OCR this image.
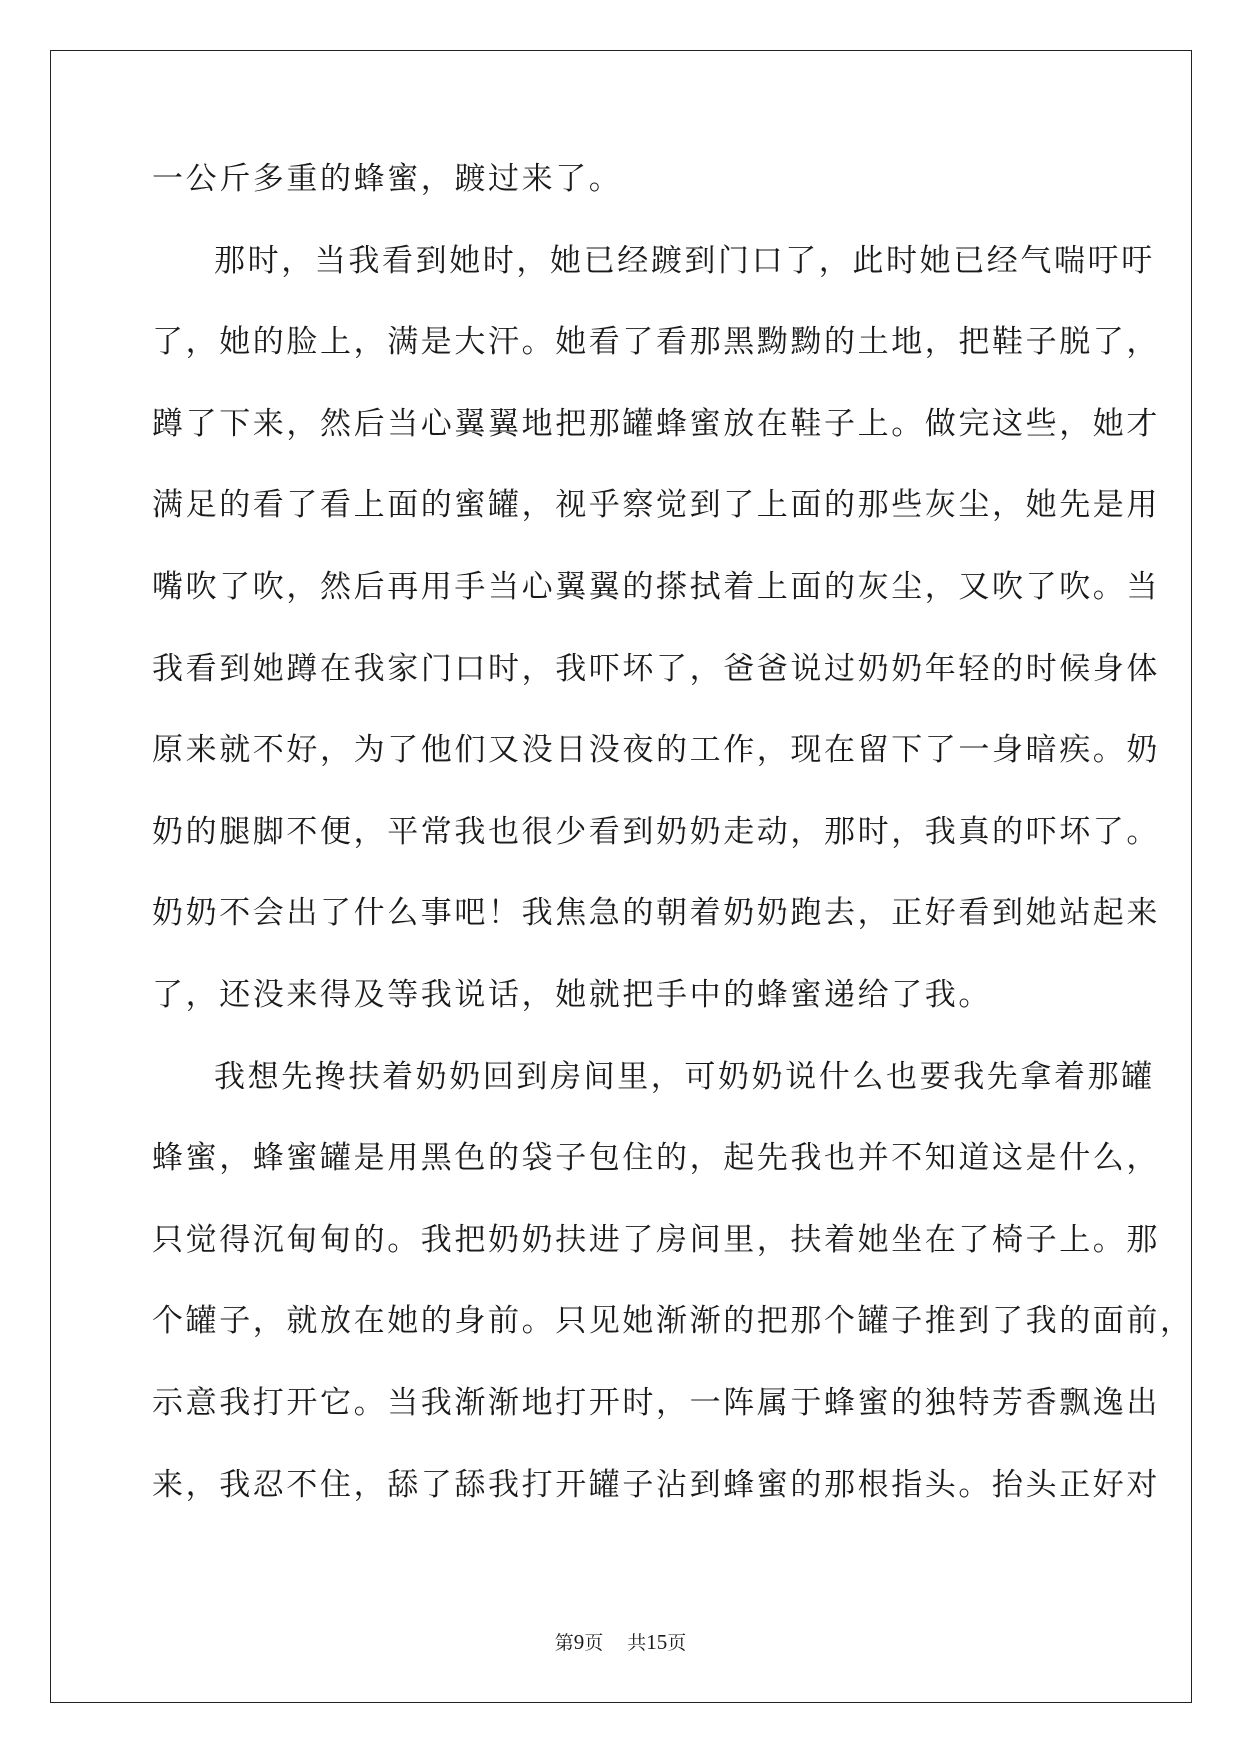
一公斤多重的蜂蜜，踱过来了。
那时，当我看到她时，她已经踱到门口了，此时她已经气喘吁吁
了，她的脸上，满是大汗。她看了看那黑黝黝的土地，把鞋子脱了，
蹲了下来，然后当心翼翼地把那罐蜂蜜放在鞋子上。做完这些，她才
满足的看了看上面的蜜罐，视乎察觉到了上面的那些灰尘，她先是用
嘴吹了吹，然后再用手当心翼翼的搽拭着上面的灰尘，又吹了吹。当
我看到她蹲在我家门口时，我吓坏了，爸爸说过奶奶年轻的时候身体
原来就不好，为了他们又没日没夜的工作，现在留下了一身暗疾。奶
奶的腿脚不便，平常我也很少看到奶奶走动，那时，我真的吓坏了。
奶奶不会出了什么事吧！我焦急的朝着奶奶跑去，正好看到她站起来
了，还没来得及等我说话，她就把手中的蜂蜜递给了我。
我想先搀扶着奶奶回到房间里，可奶奶说什么也要我先拿着那罐
蜂蜜，蜂蜜罐是用黑色的袋子包住的，起先我也并不知道这是什么，
只觉得沉甸甸的。我把奶奶扶进了房间里，扶着她坐在了椅子上。那
个罐子，就放在她的身前。只见她渐渐的把那个罐子推到了我的面前，
示意我打开它。当我渐渐地打开时，一阵属于蜂蜜的独特芳香飘逸出
来，我忍不住，舔了舔我打开罐子沾到蜂蜜的那根指头。抬头正好对
第9页 共15页
